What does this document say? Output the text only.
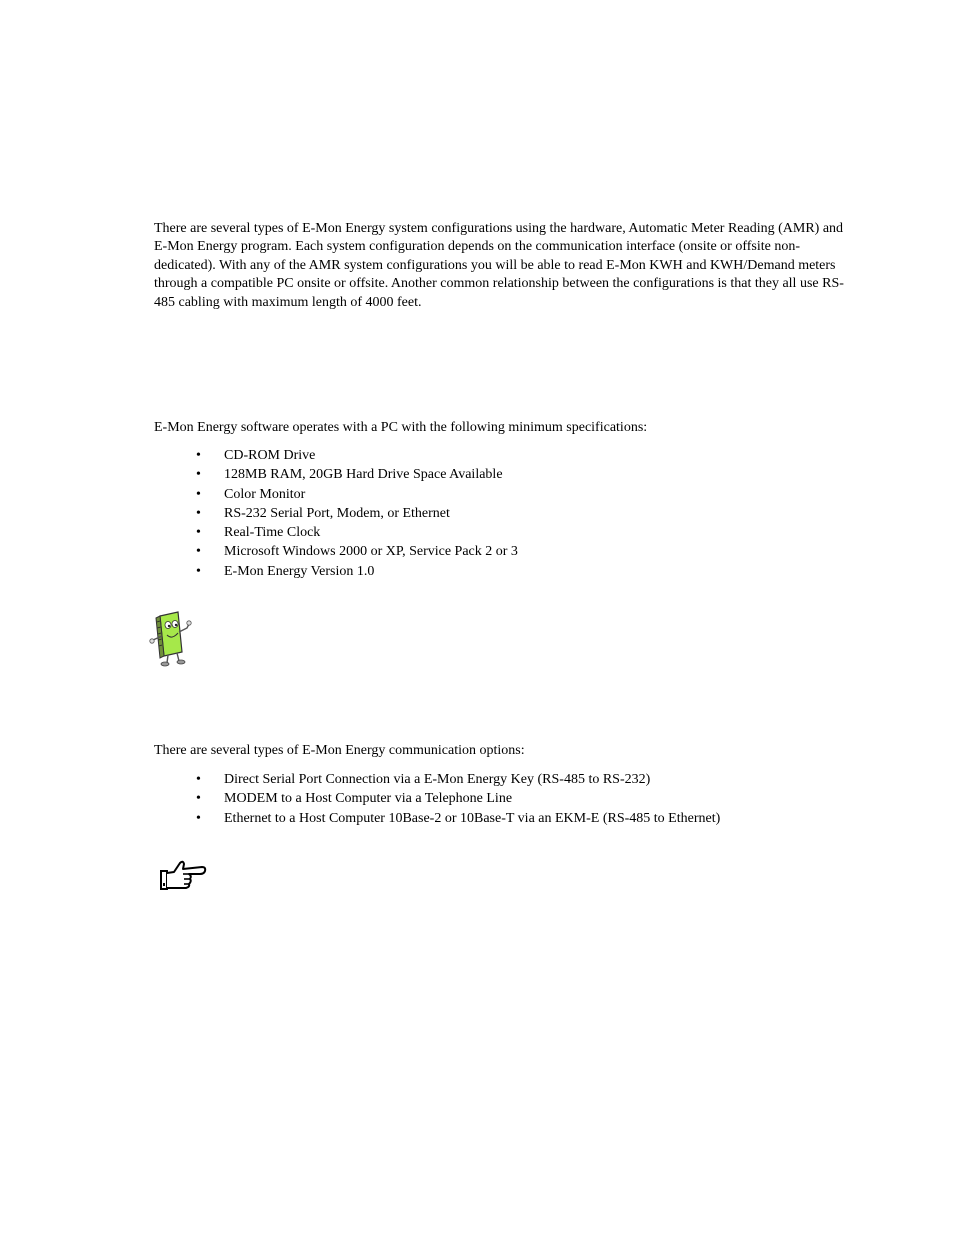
There are several types of E-Mon Energy system configurations using the hardware, Automatic Meter Reading (AMR) and E-Mon Energy program. Each system configuration depends on the communication interface (onsite or offsite non-dedicated). With any of the AMR system configurations you will be able to read E-Mon KWH and KWH/Demand meters through a compatible PC onsite or offsite. Another common relationship between the configurations is that they all use RS-485 cabling with maximum length of 4000 feet.

E-Mon Energy software operates with a PC with the following minimum specifications:

• CD-ROM Drive
• 128MB RAM, 20GB Hard Drive Space Available
• Color Monitor
• RS-232 Serial Port, Modem, or Ethernet
• Real-Time Clock
• Microsoft Windows 2000 or XP, Service Pack 2 or 3
• E-Mon Energy Version 1.0

There are several types of E-Mon Energy communication options:

• Direct Serial Port Connection via a E-Mon Energy Key (RS-485 to RS-232)
• MODEM to a Host Computer via a Telephone Line
• Ethernet to a Host Computer 10Base-2 or 10Base-T via an EKM-E (RS-485 to Ethernet)
